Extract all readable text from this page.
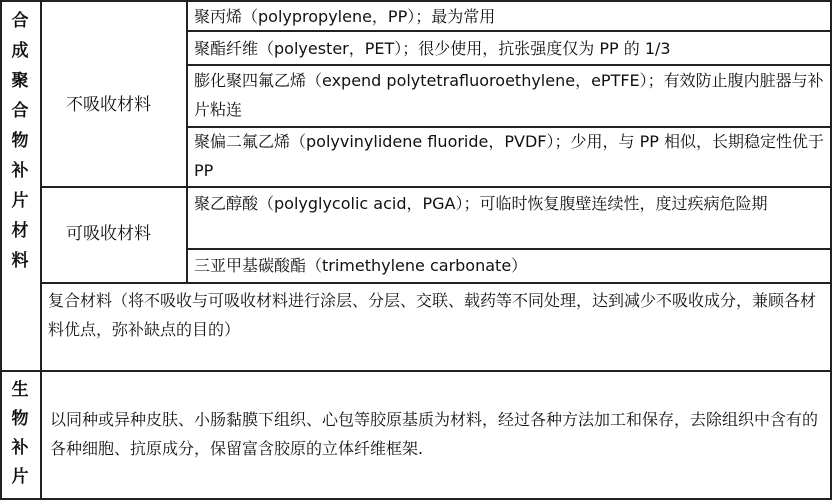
合
成
聚
合
物
补
片
材
料
生
物
补
片
不吸收材料
可吸收材料
聚丙烯（polypropylene，PP）；最为常用
聚酯纤维（polyester，PET）；很少使用，抗张强度仅为 PP 的 1/3
膨化聚四氟乙烯（expend polytetrafluoroethylene，ePTFE）；有效防止腹内脏器与补片粘连
聚偏二氟乙烯（polyvinylidene fluoride，PVDF）；少用，与 PP 相似，长期稳定性优于 PP
聚乙醇酸（polyglycolic acid，PGA）；可临时恢复腹壁连续性，度过疾病危险期
三亚甲基碳酸酯（trimethylene carbonate）
复合材料（将不吸收与可吸收材料进行涂层、分层、交联、载药等不同处理，达到减少不吸收成分，兼顾各材料优点，弥补缺点的目的）
以同种或异种皮肤、小肠黏膜下组织、心包等胶原基质为材料，经过各种方法加工和保存，去除组织中含有的各种细胞、抗原成分，保留富含胶原的立体纤维框架.
